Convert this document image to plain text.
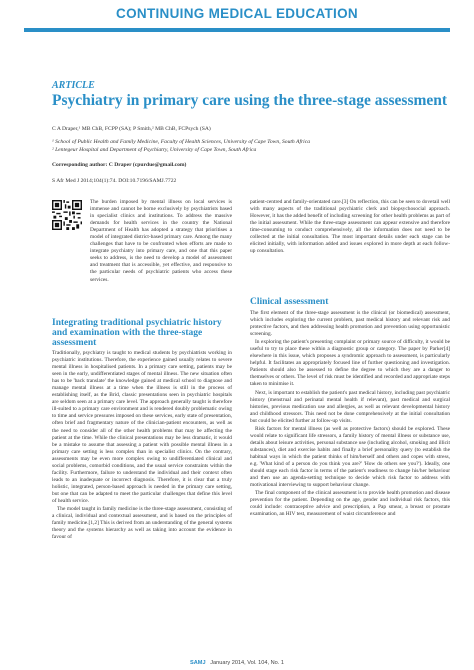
CONTINUING MEDICAL EDUCATION
ARTICLE
Psychiatry in primary care using the three-stage assessment
C A Draper,¹ MB ChB, FCPP (SA); P Smith,² MB ChB, FCPsych (SA)
¹ School of Public Health and Family Medicine, Faculty of Health Sciences, University of Cape Town, South Africa
² Lentegeur Hospital and Department of Psychiatry, University of Cape Town, South Africa
Corresponding author: C Draper (cpurdue@gmail.com)
S Afr Med J 2014;104(1):74. DOI:10.7196/SAMJ.7722

The burden imposed by mental illness on local services is immense and cannot be borne exclusively by psychiatrists based in specialist clinics and institutions. To address the massive demands for health services in the country the National Department of Health has adopted a strategy that prioritises a model of integrated district-based primary care. Among the many challenges that have to be confronted when efforts are made to integrate psychiatry into primary care, and one that this paper seeks to address, is the need to develop a model of assessment and treatment that is accessible, yet effective, and responsive to the particular needs of psychiatric patients who access these services.

Integrating traditional psychiatric history and examination with the three-stage assessment

Traditionally, psychiatry is taught to medical students by psychiatrists working in psychiatric institutions. Therefore, the experience gained usually relates to severe mental illness in hospitalised patients. In a primary care setting, patients may be seen in the early, undifferentiated stages of mental illness. The new situation often has to be 'back translate' the knowledge gained at medical school to diagnose and manage mental illness at a time when the illness is still in the process of establishing itself, as the Brid, classic presentations seen in psychiatric hospitals are seldom seen at a primary care level. The approach generally taught is therefore ill-suited to a primary care environment and is rendered doubly problematic owing to time and service pressures imposed on these services, early state of presentation, often brief and fragmentary nature of the clinician-patient encounters, as well as the need to consider all of the other health problems that may be affecting the patient at the time. While the clinical presentations may be less dramatic, it would be a mistake to assume that assessing a patient with possible mental illness in a primary care setting is less complex than in specialist clinics. On the contrary, assessments may be even more complex owing to undifferentiated clinical and social problems, comorbid conditions, and the usual service constraints within the facility. Furthermore, failure to understand the individual and their context often leads to an inadequate or incorrect diagnosis. Therefore, it is clear that a truly holistic, integrated, person-based approach is needed in the primary care setting, but one that can be adapted to meet the particular challenges that define this level of health service.

The model taught in family medicine is the three-stage assessment, consisting of a clinical, individual and contextual assessment, and is based on the principles of family medicine.[1,2] This is derived from an understanding of the general systems theory and the systems hierarchy as well as taking into account the evidence in favour of

patient-centred and family-orientated care.[3] On reflection, this can be seen to dovetail well with many aspects of the traditional psychiatric clerk and biopsychosocial approach. However, it has the added benefit of including screening for other health problems as part of the initial assessment. While the three-stage assessment can appear extensive and therefore time-consuming to conduct comprehensively, all the information does not need to be collected at the initial consultation. The most important details under each stage can be elicited initially, with information added and issues explored in more depth at each follow-up consultation.

Clinical assessment

The first element of the three-stage assessment is the clinical (or biomedical) assessment, which includes exploring the current problem, past medical history and relevant risk and protective factors, and then addressing health promotion and prevention using opportunistic screening.

In exploring the patient's presenting complaint or primary source of difficulty, it would be useful to try to place these within a diagnostic group or category. The paper by Parker[4] elsewhere in this issue, which proposes a syndromic approach to assessment, is particularly helpful. It facilitates an appropriately focused line of further questioning and investigation. Patients should also be assessed to define the degree to which they are a danger to themselves or others. The level of risk must be identified and recorded and appropriate steps taken to minimise it.

Next, is important to establish the patient's past medical history, including past psychiatric history (menstrual and perinatal mental health if relevant), past medical and surgical histories, previous medication use and allergies, as well as relevant developmental history and childhood stressors. This need not be done comprehensively at the initial consultation but could be elicited further at follow-up visits.

Risk factors for mental illness (as well as protective factors) should be explored. These would relate to significant life stressors, a family history of mental illness or substance use, details about leisure activities, personal substance use (including alcohol, smoking and illicit substances), diet and exercise habits and finally a brief personality query (to establish the habitual ways in which the patient thinks of him/herself and others and copes with stress, e.g. 'What kind of a person do you think you are?' 'How do others see you?'). Ideally, one should stage each risk factor in terms of the patient's readiness to change his/her behaviour and then use an agenda-setting technique to decide which risk factor to address with motivational interviewing to support behaviour change.

The final component of the clinical assessment is to provide health promotion and disease prevention for the patient. Depending on the age, gender and individual risk factors, this could include: contraceptive advice and prescription, a Pap smear, a breast or prostate examination, an HIV test, measurement of waist circumference and

SAMJ January 2014, Vol. 104, No. 1
